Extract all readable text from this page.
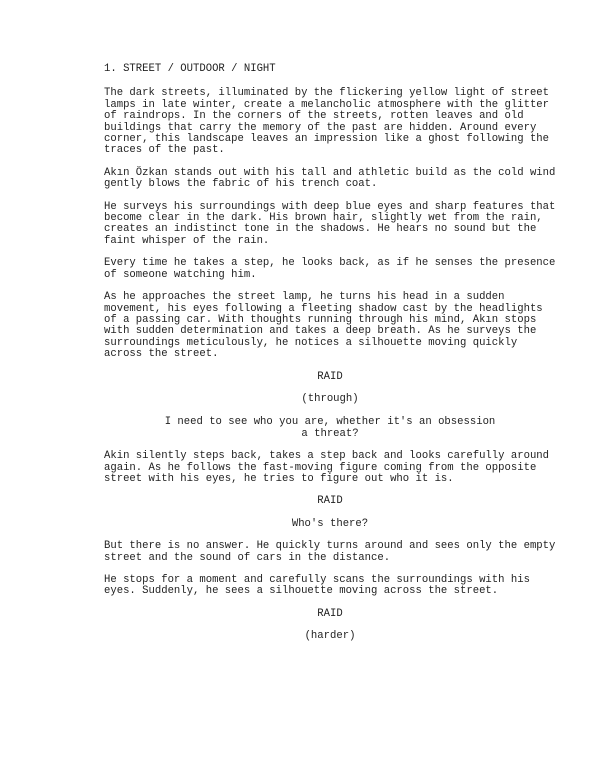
1. STREET / OUTDOOR / NIGHT
The dark streets, illuminated by the flickering yellow light of street lamps in late winter, create a melancholic atmosphere with the glitter of raindrops. In the corners of the streets, rotten leaves and old buildings that carry the memory of the past are hidden. Around every corner, this landscape leaves an impression like a ghost following the traces of the past.
Akın Özkan stands out with his tall and athletic build as the cold wind gently blows the fabric of his trench coat.
He surveys his surroundings with deep blue eyes and sharp features that become clear in the dark. His brown hair, slightly wet from the rain, creates an indistinct tone in the shadows. He hears no sound but the faint whisper of the rain.
Every time he takes a step, he looks back, as if he senses the presence of someone watching him.
As he approaches the street lamp, he turns his head in a sudden movement, his eyes following a fleeting shadow cast by the headlights of a passing car. With thoughts running through his mind, Akın stops with sudden determination and takes a deep breath. As he surveys the surroundings meticulously, he notices a silhouette moving quickly across the street.
RAID
(through)
I need to see who you are, whether it's an obsession
a threat?
Akin silently steps back, takes a step back and looks carefully around again. As he follows the fast-moving figure coming from the opposite street with his eyes, he tries to figure out who it is.
RAID
Who's there?
But there is no answer. He quickly turns around and sees only the empty street and the sound of cars in the distance.
He stops for a moment and carefully scans the surroundings with his eyes. Suddenly, he sees a silhouette moving across the street.
RAID
(harder)
